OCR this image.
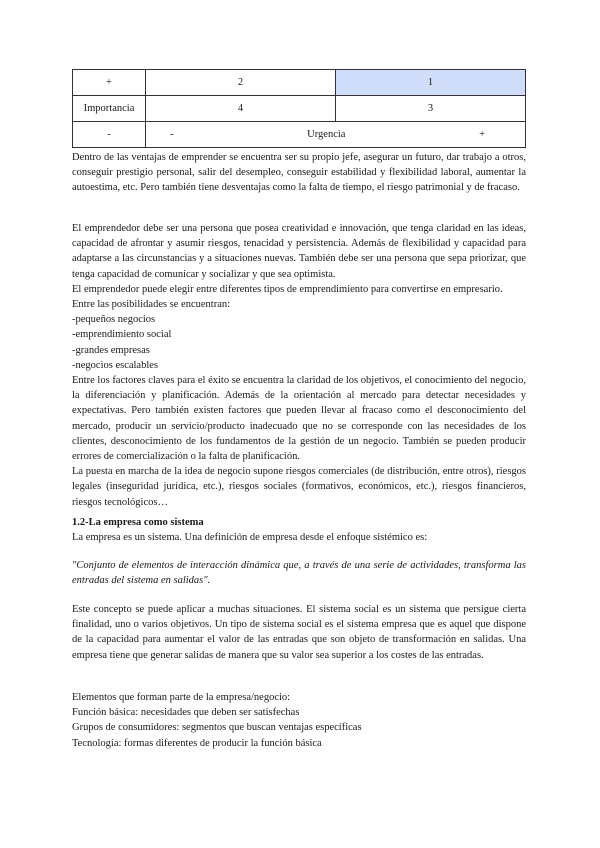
+	2	1
Importancia	4	3
-	- Urgencia +	

Dentro de las ventajas de emprender se encuentra ser su propio jefe, asegurar un futuro, dar trabajo a otros, conseguir prestigio personal, salir del desempleo, conseguir estabilidad y flexibilidad laboral, aumentar la autoestima, etc. Pero también tiene desventajas como la falta de tiempo, el riesgo patrimonial y de fracaso.

El emprendedor debe ser una persona que posea creatividad e innovación, que tenga claridad en las ideas, capacidad de afrontar y asumir riesgos, tenacidad y persistencia. Además de flexibilidad y capacidad para adaptarse a las circunstancias y a situaciones nuevas. También debe ser una persona que sepa priorizar, que tenga capacidad de comunicar y socializar y que sea optimista.

El emprendedor puede elegir entre diferentes tipos de emprendimiento para convertirse en empresario.

Entre las posibilidades se encuentran:

-pequeños negocios

-emprendimiento social

-grandes empresas

-negocios escalables

Entre los factores claves para el éxito se encuentra la claridad de los objetivos, el conocimiento del negocio, la diferenciación y planificación. Además de la orientación al mercado para detectar necesidades y expectativas. Pero también existen factores que pueden llevar al fracaso como el desconocimiento del mercado, producir un servicio/producto inadecuado que no se corresponde con las necesidades de los clientes, desconocimiento de los fundamentos de la gestión de un negocio. También se pueden producir errores de comercialización o la falta de planificación.

La puesta en marcha de la idea de negocio supone riesgos comerciales (de distribución, entre otros), riesgos legales (inseguridad jurídica, etc.), riesgos sociales (formativos, económicos, etc.), riesgos financieros, riesgos tecnológicos…

1.2-La empresa como sistema

La empresa es un sistema. Una definición de empresa desde el enfoque sistémico es:

"Conjunto de elementos de interacción dinámica que, a través de una serie de actividades, transforma las entradas del sistema en salidas".

Este concepto se puede aplicar a muchas situaciones. El sistema social es un sistema que persigue cierta finalidad, uno o varios objetivos. Un tipo de sistema social es el sistema empresa que es aquel que dispone de la capacidad para aumentar el valor de las entradas que son objeto de transformación en salidas. Una empresa tiene que generar salidas de manera que su valor sea superior a los costes de las entradas.

Elementos que forman parte de la empresa/negocio:

Función básica: necesidades que deben ser satisfechas

Grupos de consumidores: segmentos que buscan ventajas específicas

Tecnología: formas diferentes de producir la función básica
